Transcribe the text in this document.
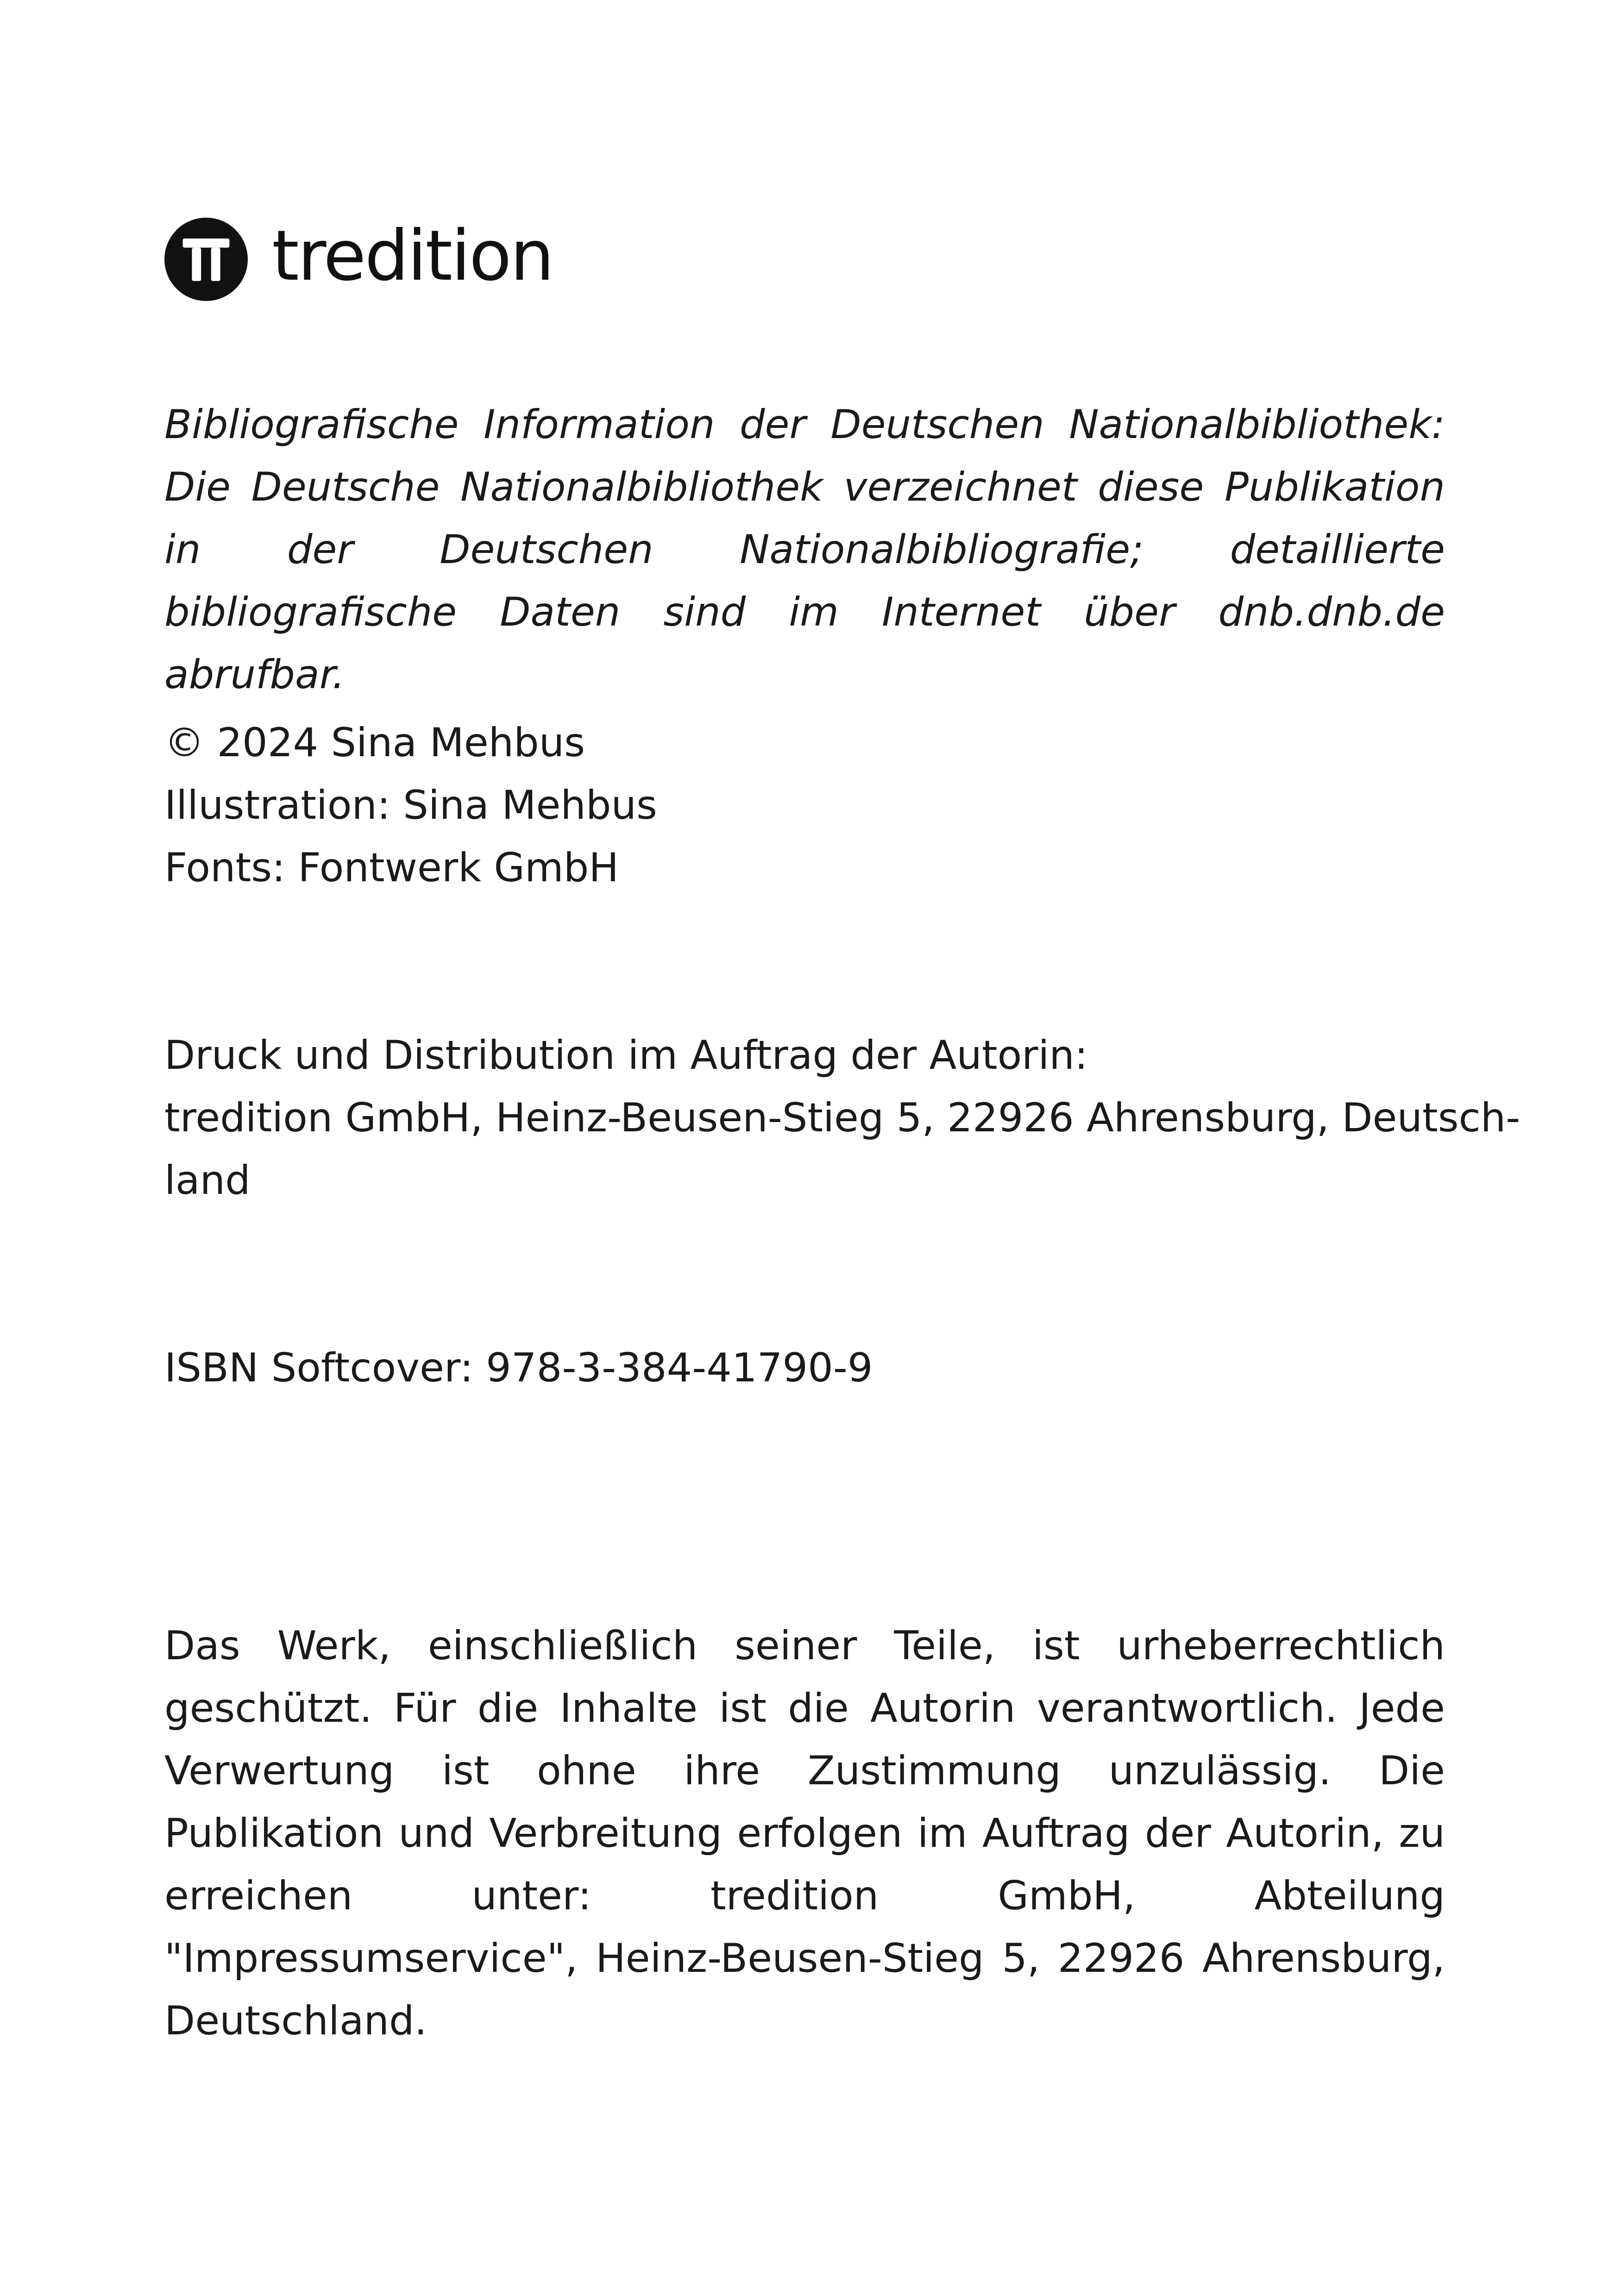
tredition
Bibliografische Information der Deutschen Nationalbibliothek: Die Deutsche Nationalbibliothek verzeichnet diese Publikation in der Deutschen Nationalbibliografie; detaillierte bibliografische Daten sind im Internet über dnb.dnb.de abrufbar.
© 2024 Sina Mehbus
Illustration: Sina Mehbus
Fonts: Fontwerk GmbH
Druck und Distribution im Auftrag der Autorin:
tredition GmbH, Heinz-Beusen-Stieg 5, 22926 Ahrensburg, Deutsch-
land
ISBN Softcover: 978-3-384-41790-9
Das Werk, einschließlich seiner Teile, ist urheberrechtlich geschützt. Für die Inhalte ist die Autorin verantwortlich. Jede Verwertung ist ohne ihre Zustimmung unzulässig. Die Publikation und Verbreitung erfolgen im Auftrag der Autorin, zu erreichen unter: tredition GmbH, Abteilung "Impressumservice", Heinz-Beusen-Stieg 5, 22926 Ahrensburg, Deutschland.
